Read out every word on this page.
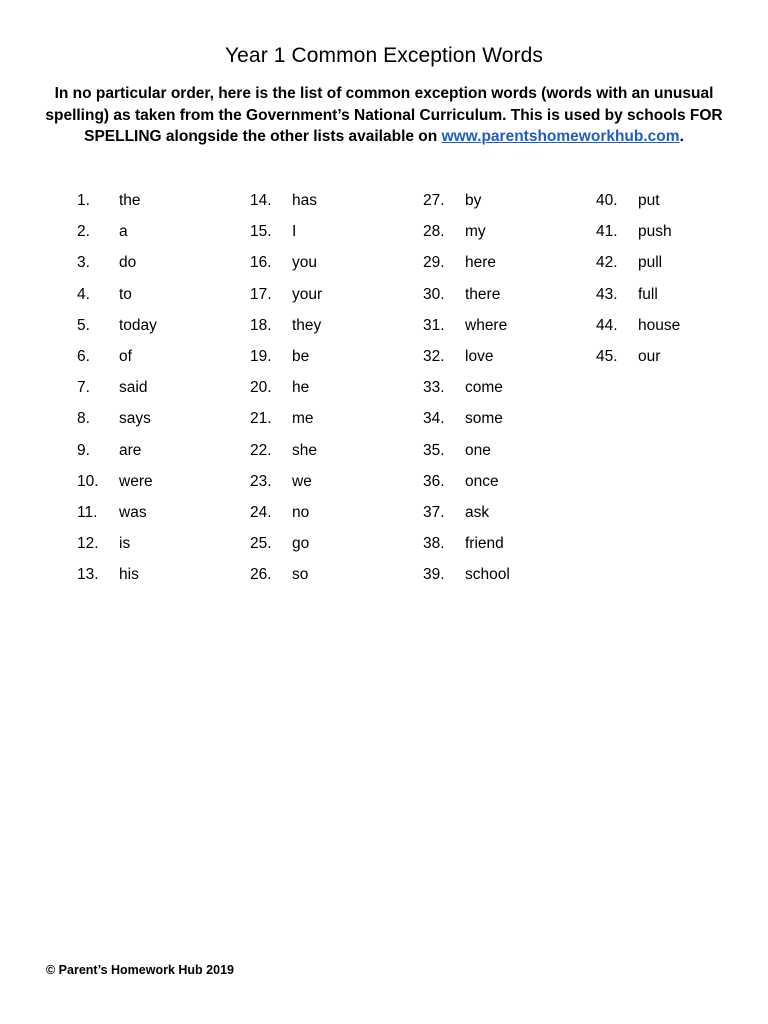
Year 1 Common Exception Words
In no particular order, here is the list of common exception words (words with an unusual spelling) as taken from the Government’s National Curriculum. This is used by schools FOR SPELLING alongside the other lists available on www.parentshomeworkhub.com.
1. the
2. a
3. do
4. to
5. today
6. of
7. said
8. says
9. are
10. were
11. was
12. is
13. his
14. has
15. I
16. you
17. your
18. they
19. be
20. he
21. me
22. she
23. we
24. no
25. go
26. so
27. by
28. my
29. here
30. there
31. where
32. love
33. come
34. some
35. one
36. once
37. ask
38. friend
39. school
40. put
41. push
42. pull
43. full
44. house
45. our
© Parent’s Homework Hub 2019
